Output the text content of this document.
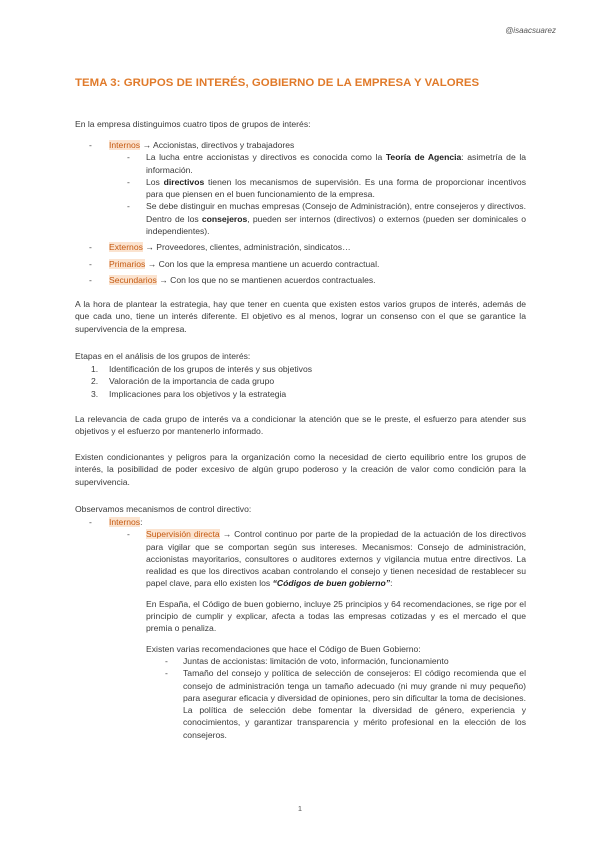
@isaacsuarez
TEMA 3: GRUPOS DE INTERÉS, GOBIERNO DE LA EMPRESA Y VALORES
En la empresa distinguimos cuatro tipos de grupos de interés:
- Internos → Accionistas, directivos y trabajadores
- La lucha entre accionistas y directivos es conocida como la Teoría de Agencia: asimetría de la información.
- Los directivos tienen los mecanismos de supervisión. Es una forma de proporcionar incentivos para que piensen en el buen funcionamiento de la empresa.
- Se debe distinguir en muchas empresas (Consejo de Administración), entre consejeros y directivos. Dentro de los consejeros, pueden ser internos (directivos) o externos (pueden ser dominicales o independientes).
- Externos → Proveedores, clientes, administración, sindicatos…
- Primarios → Con los que la empresa mantiene un acuerdo contractual.
- Secundarios → Con los que no se mantienen acuerdos contractuales.
A la hora de plantear la estrategia, hay que tener en cuenta que existen estos varios grupos de interés, además de que cada uno, tiene un interés diferente. El objetivo es al menos, lograr un consenso con el que se garantice la supervivencia de la empresa.
Etapas en el análisis de los grupos de interés:
1. Identificación de los grupos de interés y sus objetivos
2. Valoración de la importancia de cada grupo
3. Implicaciones para los objetivos y la estrategia
La relevancia de cada grupo de interés va a condicionar la atención que se le preste, el esfuerzo para atender sus objetivos y el esfuerzo por mantenerlo informado.
Existen condicionantes y peligros para la organización como la necesidad de cierto equilibrio entre los grupos de interés, la posibilidad de poder excesivo de algún grupo poderoso y la creación de valor como condición para la supervivencia.
Observamos mecanismos de control directivo:
- Internos:
- Supervisión directa → Control continuo por parte de la propiedad de la actuación de los directivos para vigilar que se comportan según sus intereses. Mecanismos: Consejo de administración, accionistas mayoritarios, consultores o auditores externos y vigilancia mutua entre directivos. La realidad es que los directivos acaban controlando el consejo y tienen necesidad de restablecer su papel clave, para ello existen los “Códigos de buen gobierno”:
En España, el Código de buen gobierno, incluye 25 principios y 64 recomendaciones, se rige por el principio de cumplir y explicar, afecta a todas las empresas cotizadas y es el mercado el que premia o penaliza.
Existen varias recomendaciones que hace el Código de Buen Gobierno:
- Juntas de accionistas: limitación de voto, información, funcionamiento
- Tamaño del consejo y política de selección de consejeros: El código recomienda que el consejo de administración tenga un tamaño adecuado (ni muy grande ni muy pequeño) para asegurar eficacia y diversidad de opiniones, pero sin dificultar la toma de decisiones. La política de selección debe fomentar la diversidad de género, experiencia y conocimientos, y garantizar transparencia y mérito profesional en la elección de los consejeros.
1
